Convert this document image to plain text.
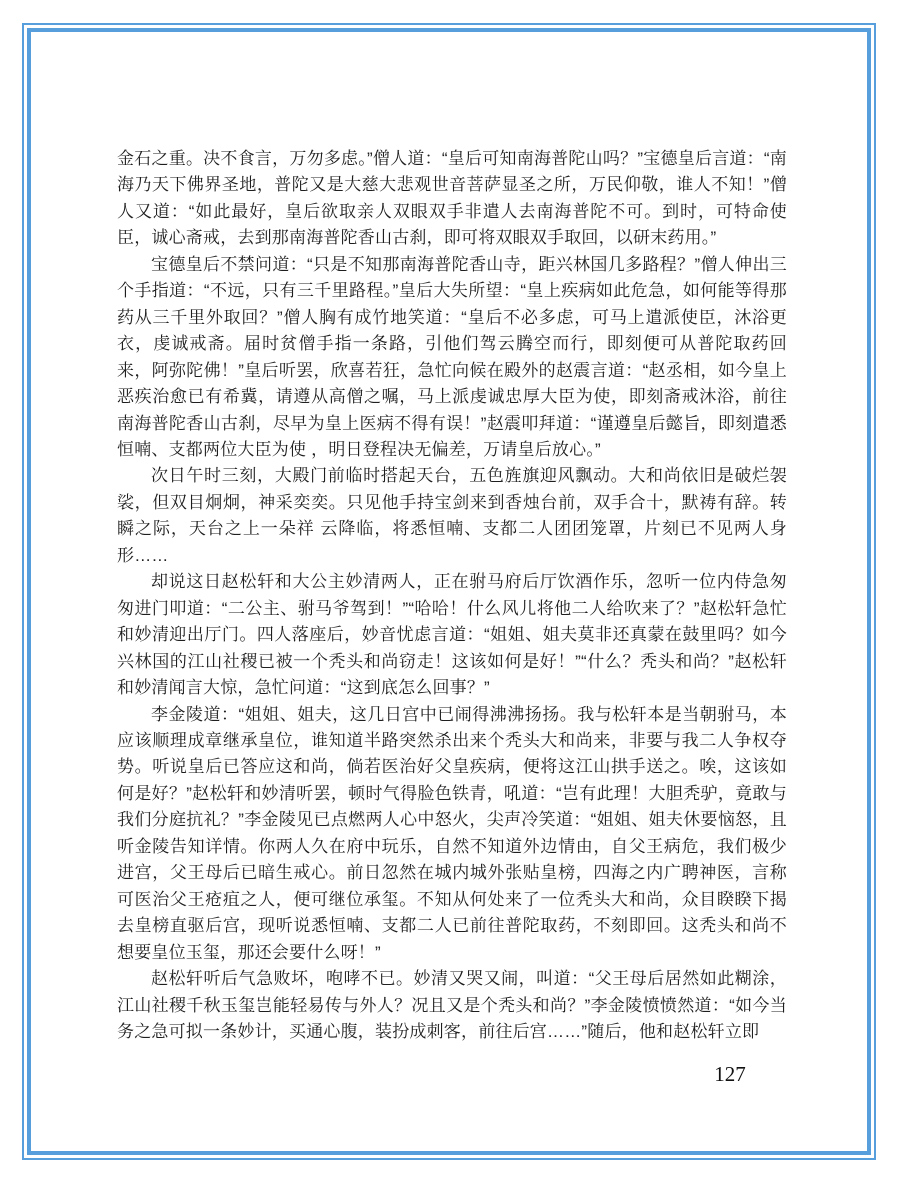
金石之重。决不食言，万勿多虑。”僧人道：“皇后可知南海普陀山吗？”宝德皇后言道：“南海乃天下佛界圣地，普陀又是大慈大悲观世音菩萨显圣之所，万民仰敬，谁人不知！”僧人又道：“如此最好，皇后欲取亲人双眼双手非遣人去南海普陀不可。到时，可特命使臣，诚心斋戒，去到那南海普陀香山古刹，即可将双眼双手取回，以研末药用。”

宝德皇后不禁问道：“只是不知那南海普陀香山寺，距兴林国几多路程？”僧人伸出三个手指道：“不远，只有三千里路程。”皇后大失所望：“皇上疾病如此危急，如何能等得那药从三千里外取回？”僧人胸有成竹地笑道：“皇后不必多虑，可马上遣派使臣，沐浴更衣，虔诚戒斋。届时贫僧手指一条路，引他们驾云腾空而行，即刻便可从普陀取药回来，阿弥陀佛！”皇后听罢，欣喜若狂，急忙向候在殿外的赵震言道：“赵丞相，如今皇上恶疾治愈已有希冀，请遵从高僧之嘱，马上派虔诚忠厚大臣为使，即刻斋戒沐浴，前往南海普陀香山古刹，尽早为皇上医病不得有误！”赵震叩拜道：“谨遵皇后懿旨，即刻遣悉恒喃、支都两位大臣为使 ，明日登程决无偏差，万请皇后放心。”

次日午时三刻，大殿门前临时搭起天台，五色旌旗迎风飘动。大和尚依旧是破烂袈裟，但双目炯炯，神采奕奕。只见他手持宝剑来到香烛台前，双手合十，默祷有辞。转瞬之际，天台之上一朵祥 云降临，将悉恒喃、支都二人团团笼罩，片刻已不见两人身形……

却说这日赵松轩和大公主妙清两人，正在驸马府后厅饮酒作乐，忽听一位内侍急匆匆进门叩道：“二公主、驸马爷驾到！”“哈哈！什么风儿将他二人给吹来了？”赵松轩急忙和妙清迎出厅门。四人落座后，妙音忧虑言道：“姐姐、姐夫莫非还真蒙在鼓里吗？如今兴林国的江山社稷已被一个秃头和尚窃走！这该如何是好！”“什么？秃头和尚？”赵松轩和妙清闻言大惊，急忙问道：“这到底怎么回事？”

李金陵道：“姐姐、姐夫，这几日宫中已闹得沸沸扬扬。我与松轩本是当朝驸马，本应该顺理成章继承皇位，谁知道半路突然杀出来个秃头大和尚来，非要与我二人争权夺势。听说皇后已答应这和尚，倘若医治好父皇疾病，便将这江山拱手送之。唉，这该如何是好？”赵松轩和妙清听罢，顿时气得脸色铁青，吼道：“岂有此理！大胆秃驴，竟敢与我们分庭抗礼？”李金陵见已点燃两人心中怒火，尖声冷笑道：“姐姐、姐夫休要恼怒，且听金陵告知详情。你两人久在府中玩乐，自然不知道外边情由，自父王病危，我们极少进宫，父王母后已暗生戒心。前日忽然在城内城外张贴皇榜，四海之内广聘神医，言称可医治父王疮疽之人，便可继位承玺。不知从何处来了一位秃头大和尚，众目睽睽下揭去皇榜直驱后宫，现听说悉恒喃、支都二人已前往普陀取药，不刻即回。这秃头和尚不想要皇位玉玺，那还会要什么呀！”

赵松轩听后气急败坏，咆哮不已。妙清又哭又闹，叫道：“父王母后居然如此糊涂，江山社稷千秋玉玺岂能轻易传与外人？况且又是个秃头和尚？”李金陵愤愤然道：“如今当务之急可拟一条妙计，买通心腹，装扮成刺客，前往后宫……”随后，他和赵松轩立即

127
